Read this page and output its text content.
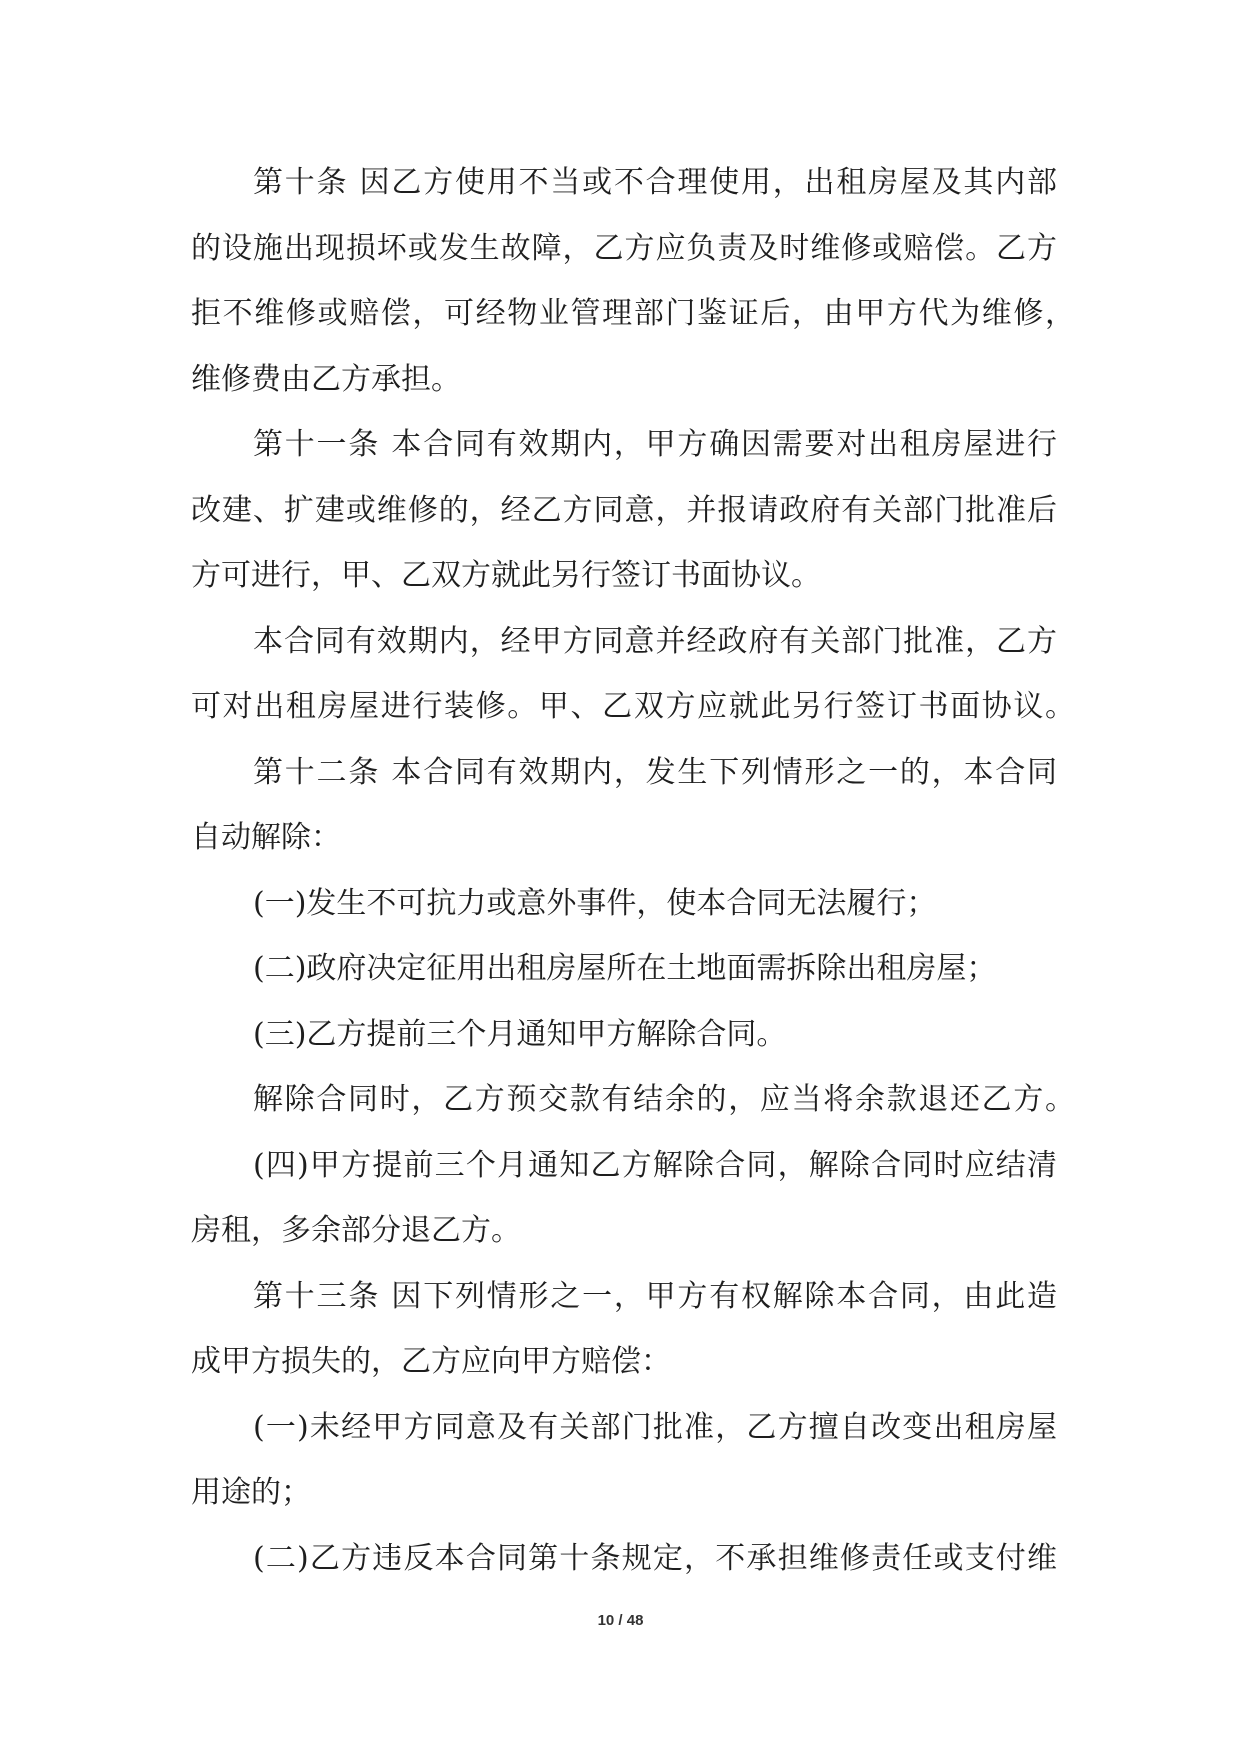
第十条 因乙方使用不当或不合理使用，出租房屋及其内部
的设施出现损坏或发生故障，乙方应负责及时维修或赔偿。乙方
拒不维修或赔偿，可经物业管理部门鉴证后，由甲方代为维修，
维修费由乙方承担。
第十一条 本合同有效期内，甲方确因需要对出租房屋进行
改建、扩建或维修的，经乙方同意，并报请政府有关部门批准后
方可进行，甲、乙双方就此另行签订书面协议。
本合同有效期内，经甲方同意并经政府有关部门批准，乙方
可对出租房屋进行装修。甲、乙双方应就此另行签订书面协议。
第十二条 本合同有效期内，发生下列情形之一的，本合同
自动解除：
(一)发生不可抗力或意外事件，使本合同无法履行；
(二)政府决定征用出租房屋所在土地面需拆除出租房屋；
(三)乙方提前三个月通知甲方解除合同。
解除合同时，乙方预交款有结余的，应当将余款退还乙方。
(四)甲方提前三个月通知乙方解除合同，解除合同时应结清
房租，多余部分退乙方。
第十三条 因下列情形之一，甲方有权解除本合同，由此造
成甲方损失的，乙方应向甲方赔偿：
(一)未经甲方同意及有关部门批准，乙方擅自改变出租房屋
用途的；
(二)乙方违反本合同第十条规定，不承担维修责任或支付维
10 / 48
